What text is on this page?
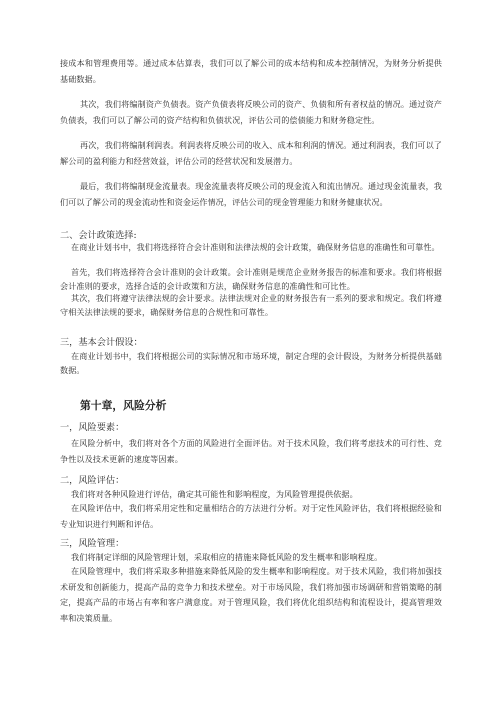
接成本和管理费用等。通过成本估算表，我们可以了解公司的成本结构和成本控制情况，为财务分析提供基础数据。

其次，我们将编制资产负债表。资产负债表将反映公司的资产、负债和所有者权益的情况。通过资产负债表，我们可以了解公司的资产结构和负债状况，评估公司的偿债能力和财务稳定性。

再次，我们将编制利润表。利润表将反映公司的收入、成本和利润的情况。通过利润表，我们可以了解公司的盈利能力和经营效益，评估公司的经营状况和发展潜力。

最后，我们将编制现金流量表。现金流量表将反映公司的现金流入和流出情况。通过现金流量表，我们可以了解公司的现金流动性和资金运作情况，评估公司的现金管理能力和财务健康状况。

二、会计政策选择:

在商业计划书中，我们将选择符合会计准则和法律法规的会计政策，确保财务信息的准确性和可靠性。

首先，我们将选择符合会计准则的会计政策。会计准则是规范企业财务报告的标准和要求。我们将根据会计准则的要求，选择合适的会计政策和方法，确保财务信息的准确性和可比性。

其次，我们将遵守法律法规的会计要求。法律法规对企业的财务报告有一系列的要求和规定。我们将遵守相关法律法规的要求，确保财务信息的合规性和可靠性。

三，基本会计假设：

在商业计划书中，我们将根据公司的实际情况和市场环境，制定合理的会计假设，为财务分析提供基础数据。

第十章，风险分析

一，风险要素：

在风险分析中，我们将对各个方面的风险进行全面评估。对于技术风险，我们将考虑技术的可行性、竞争性以及技术更新的速度等因素。

二，风险评估：

我们将对各种风险进行评估，确定其可能性和影响程度，为风险管理提供依据。

在风险评估中，我们将采用定性和定量相结合的方法进行分析。对于定性风险评估，我们将根据经验和专业知识进行判断和评估。

三，风险管理：

我们将制定详细的风险管理计划，采取相应的措施来降低风险的发生概率和影响程度。

在风险管理中，我们将采取多种措施来降低风险的发生概率和影响程度。对于技术风险，我们将加强技术研发和创新能力，提高产品的竞争力和技术壁垒。对于市场风险，我们将加强市场调研和营销策略的制定，提高产品的市场占有率和客户满意度。对于管理风险，我们将优化组织结构和流程设计，提高管理效率和决策质量。
